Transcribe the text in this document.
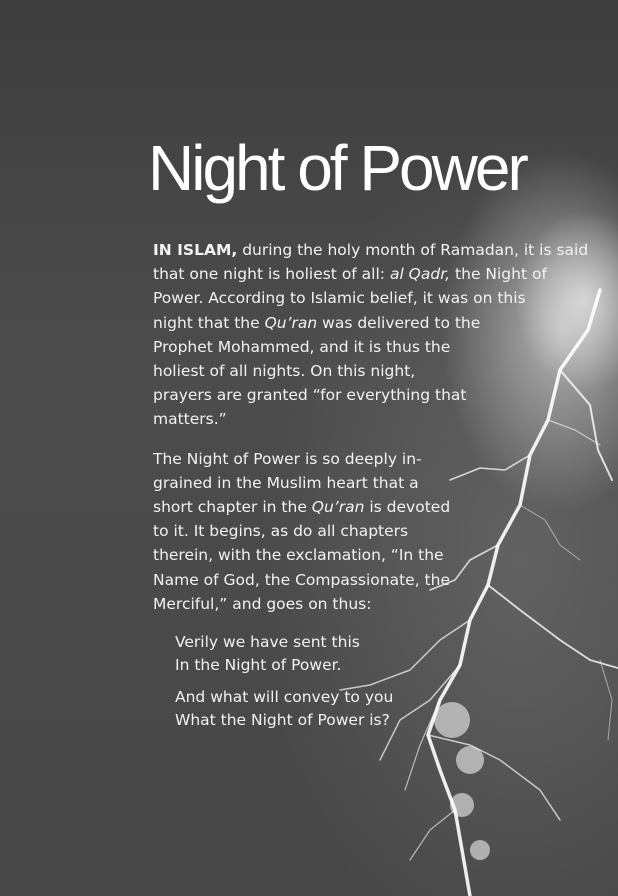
Night of Power

IN ISLAM, during the holy month of Ramadan, it is said
that one night is holiest of all: al Qadr, the Night of
Power. According to Islamic belief, it was on this
night that the Qu’ran was delivered to the
Prophet Mohammed, and it is thus the
holiest of all nights. On this night,
prayers are granted “for everything that
matters.”

The Night of Power is so deeply in-
grained in the Muslim heart that a
short chapter in the Qu’ran is devoted
to it. It begins, as do all chapters
therein, with the exclamation, “In the
Name of God, the Compassionate, the
Merciful,” and goes on thus:

Verily we have sent this
In the Night of Power.

And what will convey to you
What the Night of Power is?
